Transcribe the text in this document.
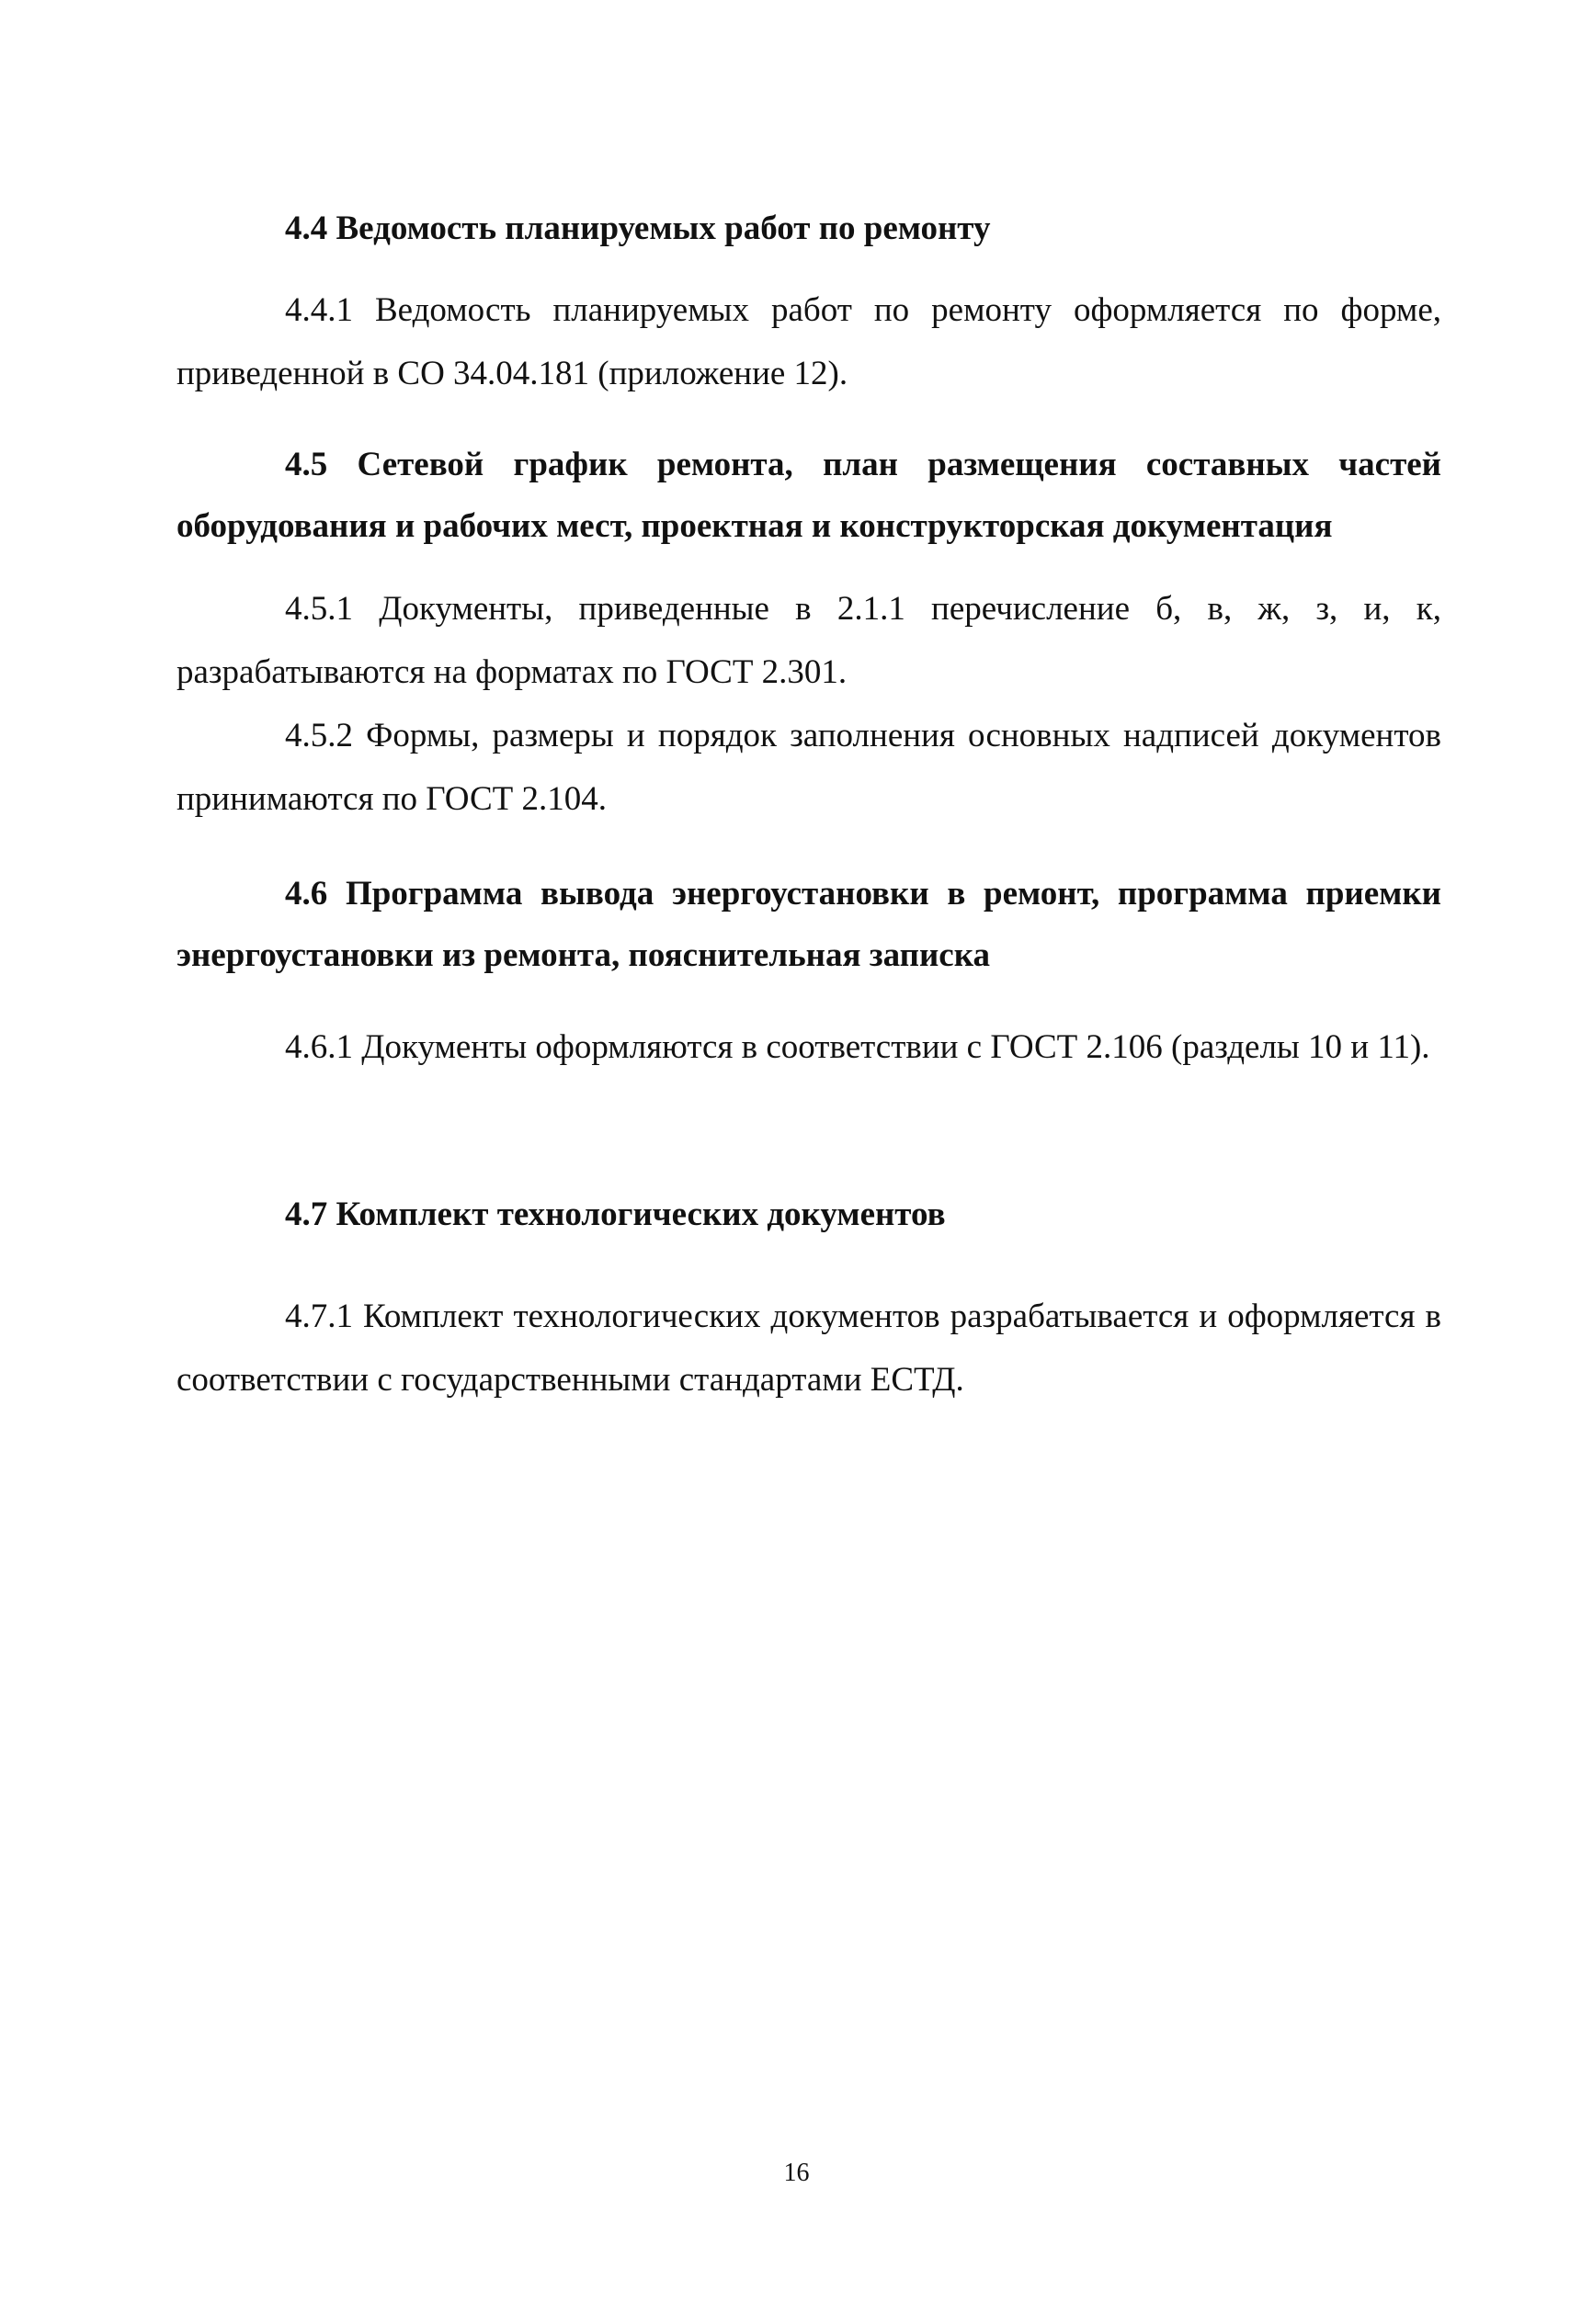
4.4 Ведомость планируемых работ по ремонту

4.4.1 Ведомость планируемых работ по ремонту оформляется по форме, приведенной в СО 34.04.181 (приложение 12).

4.5 Сетевой график ремонта, план размещения составных частей оборудования и рабочих мест, проектная и конструкторская документация

4.5.1 Документы, приведенные в 2.1.1 перечисление б, в, ж, з, и, к, разрабатываются на форматах по ГОСТ 2.301.

4.5.2 Формы, размеры и порядок заполнения основных надписей документов принимаются по ГОСТ 2.104.

4.6 Программа вывода энергоустановки в ремонт, программа приемки энергоустановки из ремонта, пояснительная записка

4.6.1 Документы оформляются в соответствии с ГОСТ 2.106 (разделы 10 и 11).

4.7 Комплект технологических документов

4.7.1 Комплект технологических документов разрабатывается и оформляется в соответствии с государственными стандартами ЕСТД.

16
